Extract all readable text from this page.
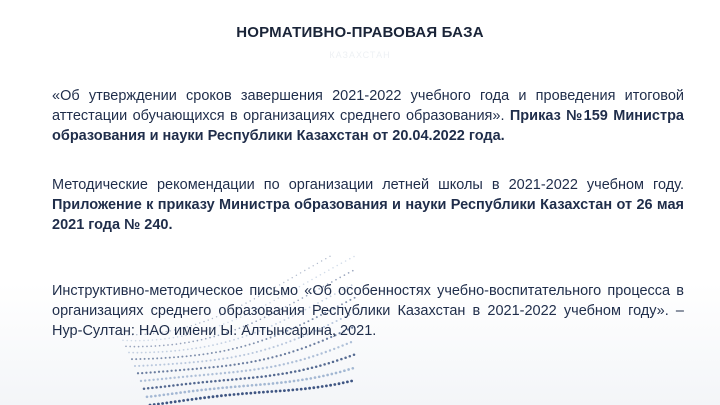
НОРМАТИВНО-ПРАВОВАЯ БАЗА
КАЗАХСТАН
«Об утверждении сроков завершения 2021-2022 учебного года и проведения итоговой аттестации обучающихся в организациях среднего образования». Приказ №159 Министра образования и науки Республики Казахстан от 20.04.2022 года.
Методические рекомендации по организации летней школы в 2021-2022 учебном году. Приложение к приказу Министра образования и науки Республики Казахстан от 26 мая 2021 года № 240.
Инструктивно-методическое письмо «Об особенностях учебно-воспитательного процесса в организациях среднего образования Республики Казахстан в 2021-2022 учебном году». – Нур-Султан: НАО имени Ы. Алтынсарина, 2021.
